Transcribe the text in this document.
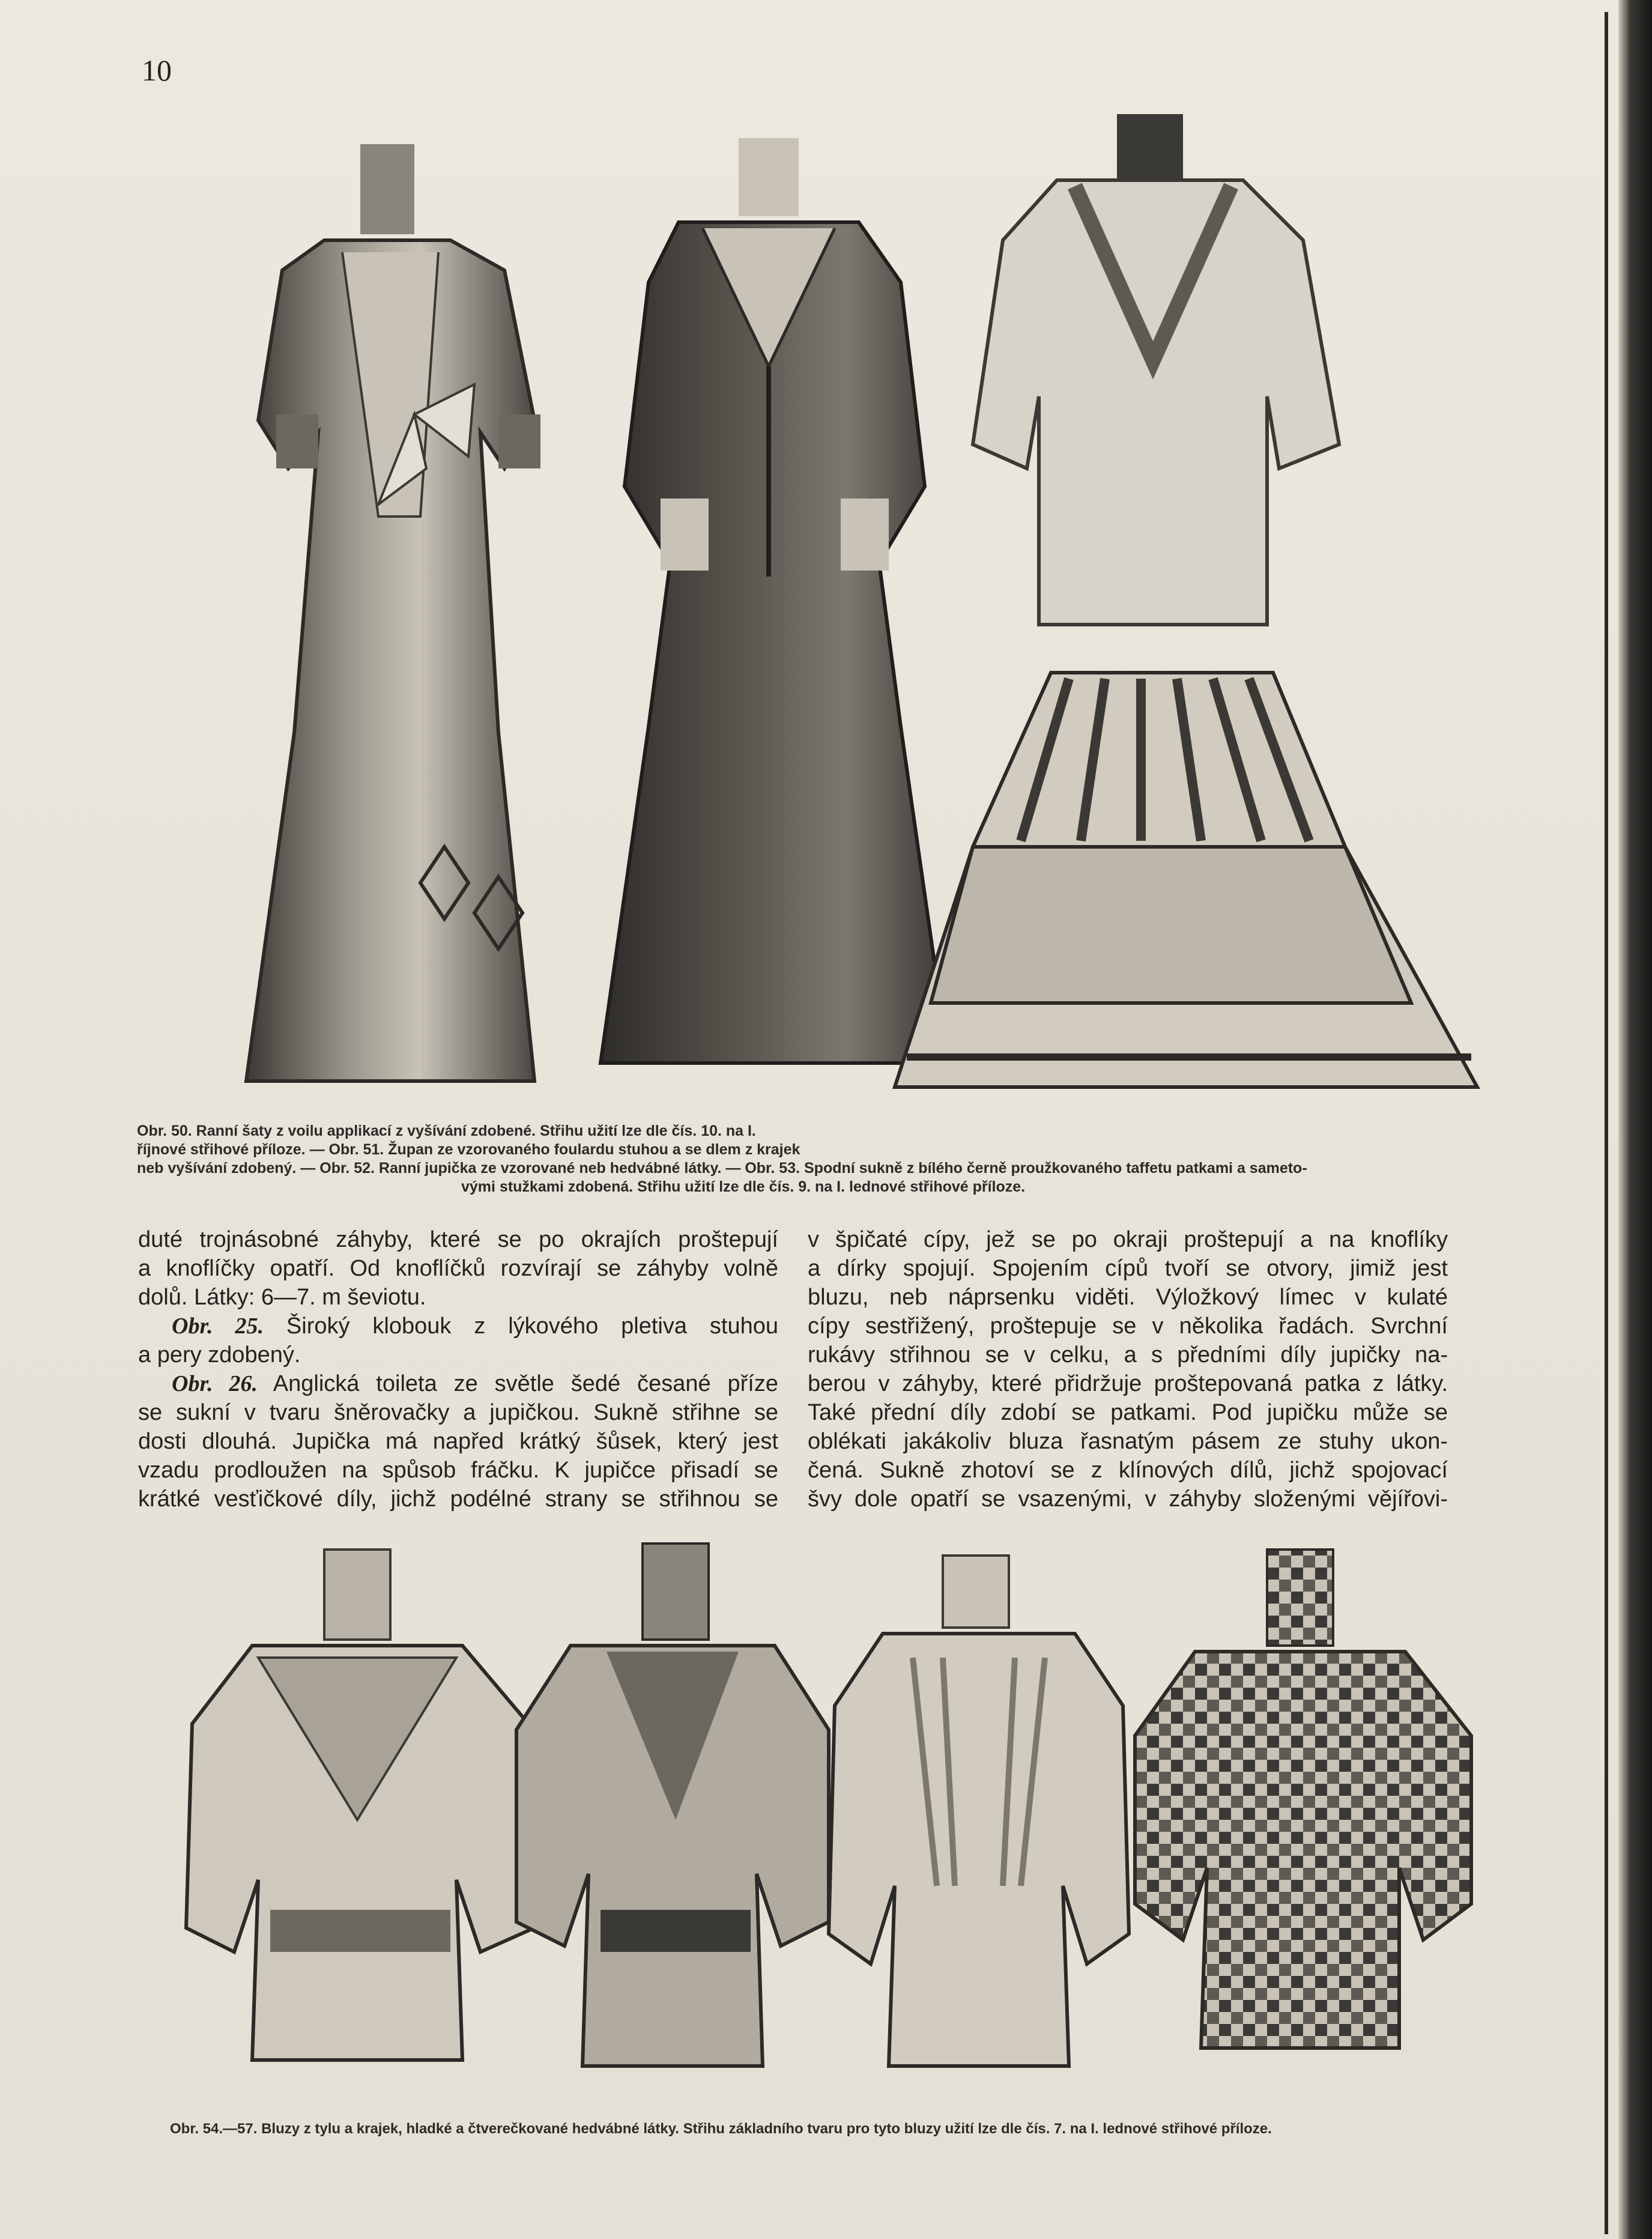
10
Obr. 50. Ranní šaty z voilu applikací z vyšívání zdobené. Střihu užití lze dle čís. 10. na I.
říjnové střihové příloze. — Obr. 51. Župan ze vzorovaného foulardu stuhou a se dlem z krajek
neb vyšívání zdobený. — Obr. 52. Ranní jupička ze vzorované neb hedvábné látky. — Obr. 53. Spodní sukně z bílého černě proužkovaného taffetu patkami a sameto-
vými stužkami zdobená. Střihu užití lze dle čís. 9. na I. lednové střihové příloze.

duté trojnásobné záhyby, které se po okrajích proštepují

a knoflíčky opatří. Od knoflíčků rozvírají se záhyby volně

dolů. Látky: 6—7. m ševiotu.

Obr. 25. Široký klobouk z lýkového pletiva stuhou

a pery zdobený.

Obr. 26. Anglická toileta ze světle šedé česané příze

se sukní v tvaru šněrovačky a jupičkou. Sukně střihne se

dosti dlouhá. Jupička má napřed krátký šůsek, který jest

vzadu prodloužen na spůsob fráčku. K jupičce přisadí se

krátké vesťičkové díly, jichž podélné strany se střihnou se

v špičaté cípy, jež se po okraji proštepují a na knoflíky

a dírky spojují. Spojením cípů tvoří se otvory, jimiž jest

bluzu, neb náprsenku viděti. Výložkový límec v kulaté

cípy sestřižený, proštepuje se v několika řadách. Svrchní

rukávy střihnou se v celku, a s předními díly jupičky na-

berou v záhyby, které přidržuje proštepovaná patka z látky.

Také přední díly zdobí se patkami. Pod jupičku může se

oblékati jakákoliv bluza řasnatým pásem ze stuhy ukon-

čená. Sukně zhotoví se z klínových dílů, jichž spojovací

švy dole opatří se vsazenými, v záhyby složenými vějířovi-

Obr. 54.—57. Bluzy z tylu a krajek, hladké a čtverečkované hedvábné látky. Střihu základního tvaru pro tyto bluzy užití lze dle čís. 7. na I. lednové střihové příloze.
